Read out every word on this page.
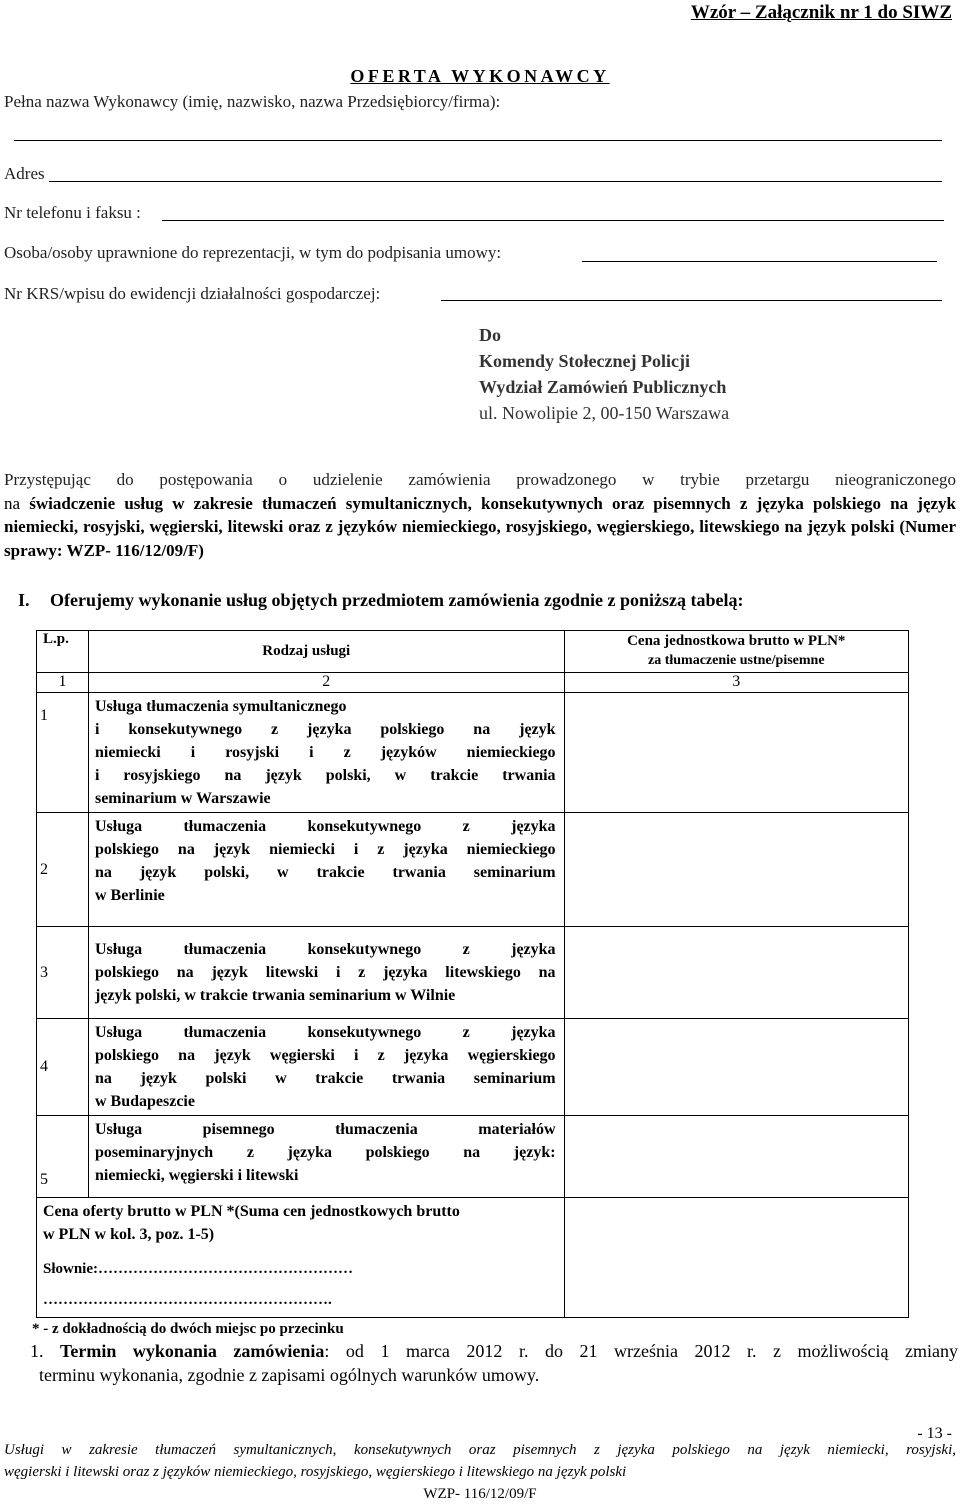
Wzór – Załącznik nr 1 do SIWZ
OFERTA WYKONAWCY
Pełna nazwa Wykonawcy (imię, nazwisko, nazwa Przedsiębiorcy/firma):
Adres
Nr telefonu i faksu :
Osoba/osoby uprawnione do reprezentacji, w tym do podpisania umowy:
Nr KRS/wpisu do ewidencji działalności gospodarczej:
Do
Komendy Stołecznej Policji
Wydział Zamówień Publicznych
ul. Nowolipie 2, 00-150 Warszawa
Przystępując do postępowania o udzielenie zamówienia prowadzonego w trybie przetargu nieograniczonego
na świadczenie usług w zakresie tłumaczeń symultanicznych, konsekutywnych oraz pisemnych z języka polskiego na język niemiecki, rosyjski, węgierski, litewski oraz z języków niemieckiego, rosyjskiego, węgierskiego, litewskiego na język polski (Numer sprawy: WZP- 116/12/09/F)
I. Oferujemy wykonanie usług objętych przedmiotem zamówienia zgodnie z poniższą tabelą:
L.p.	Rodzaj usługi	Cena jednostkowa brutto w PLN*
za tłumaczenie ustne/pisemne

1	2	3
1	Usługa tłumaczenia symultanicznego
i konsekutywnego z języka polskiego na język
niemiecki i rosyjski i z języków niemieckiego
i rosyjskiego na język polski, w trakcie trwania
seminarium w Warszawie	

2	Usługa tłumaczenia konsekutywnego z języka
polskiego na język niemiecki i z języka niemieckiego
na język polski, w trakcie trwania seminarium
w Berlinie	

3	Usługa tłumaczenia konsekutywnego z języka
polskiego na język litewski i z języka litewskiego na
język polski, w trakcie trwania seminarium w Wilnie	

4	Usługa tłumaczenia konsekutywnego z języka
polskiego na język węgierski i z języka węgierskiego
na język polski w trakcie trwania seminarium
w Budapeszcie	

5	Usługa pisemnego tłumaczenia materiałów
poseminaryjnych z języka polskiego na język:
niemiecki, węgierski i litewski	

Cena oferty brutto w PLN *(Suma cen jednostkowych brutto
w PLN w kol. 3, poz. 1-5)
Słownie:……………………………………………
………………………………………………….		

* - z dokładnością do dwóch miejsc po przecinku
1. Termin wykonania zamówienia: od 1 marca 2012 r. do 21 września 2012 r. z możliwością zmiany
terminu wykonania, zgodnie z zapisami ogólnych warunków umowy.
- 13 -
Usługi w zakresie tłumaczeń symultanicznych, konsekutywnych oraz pisemnych z języka polskiego na język niemiecki, rosyjski,
węgierski i litewski oraz z języków niemieckiego, rosyjskiego, węgierskiego i litewskiego na język polski
WZP- 116/12/09/F
